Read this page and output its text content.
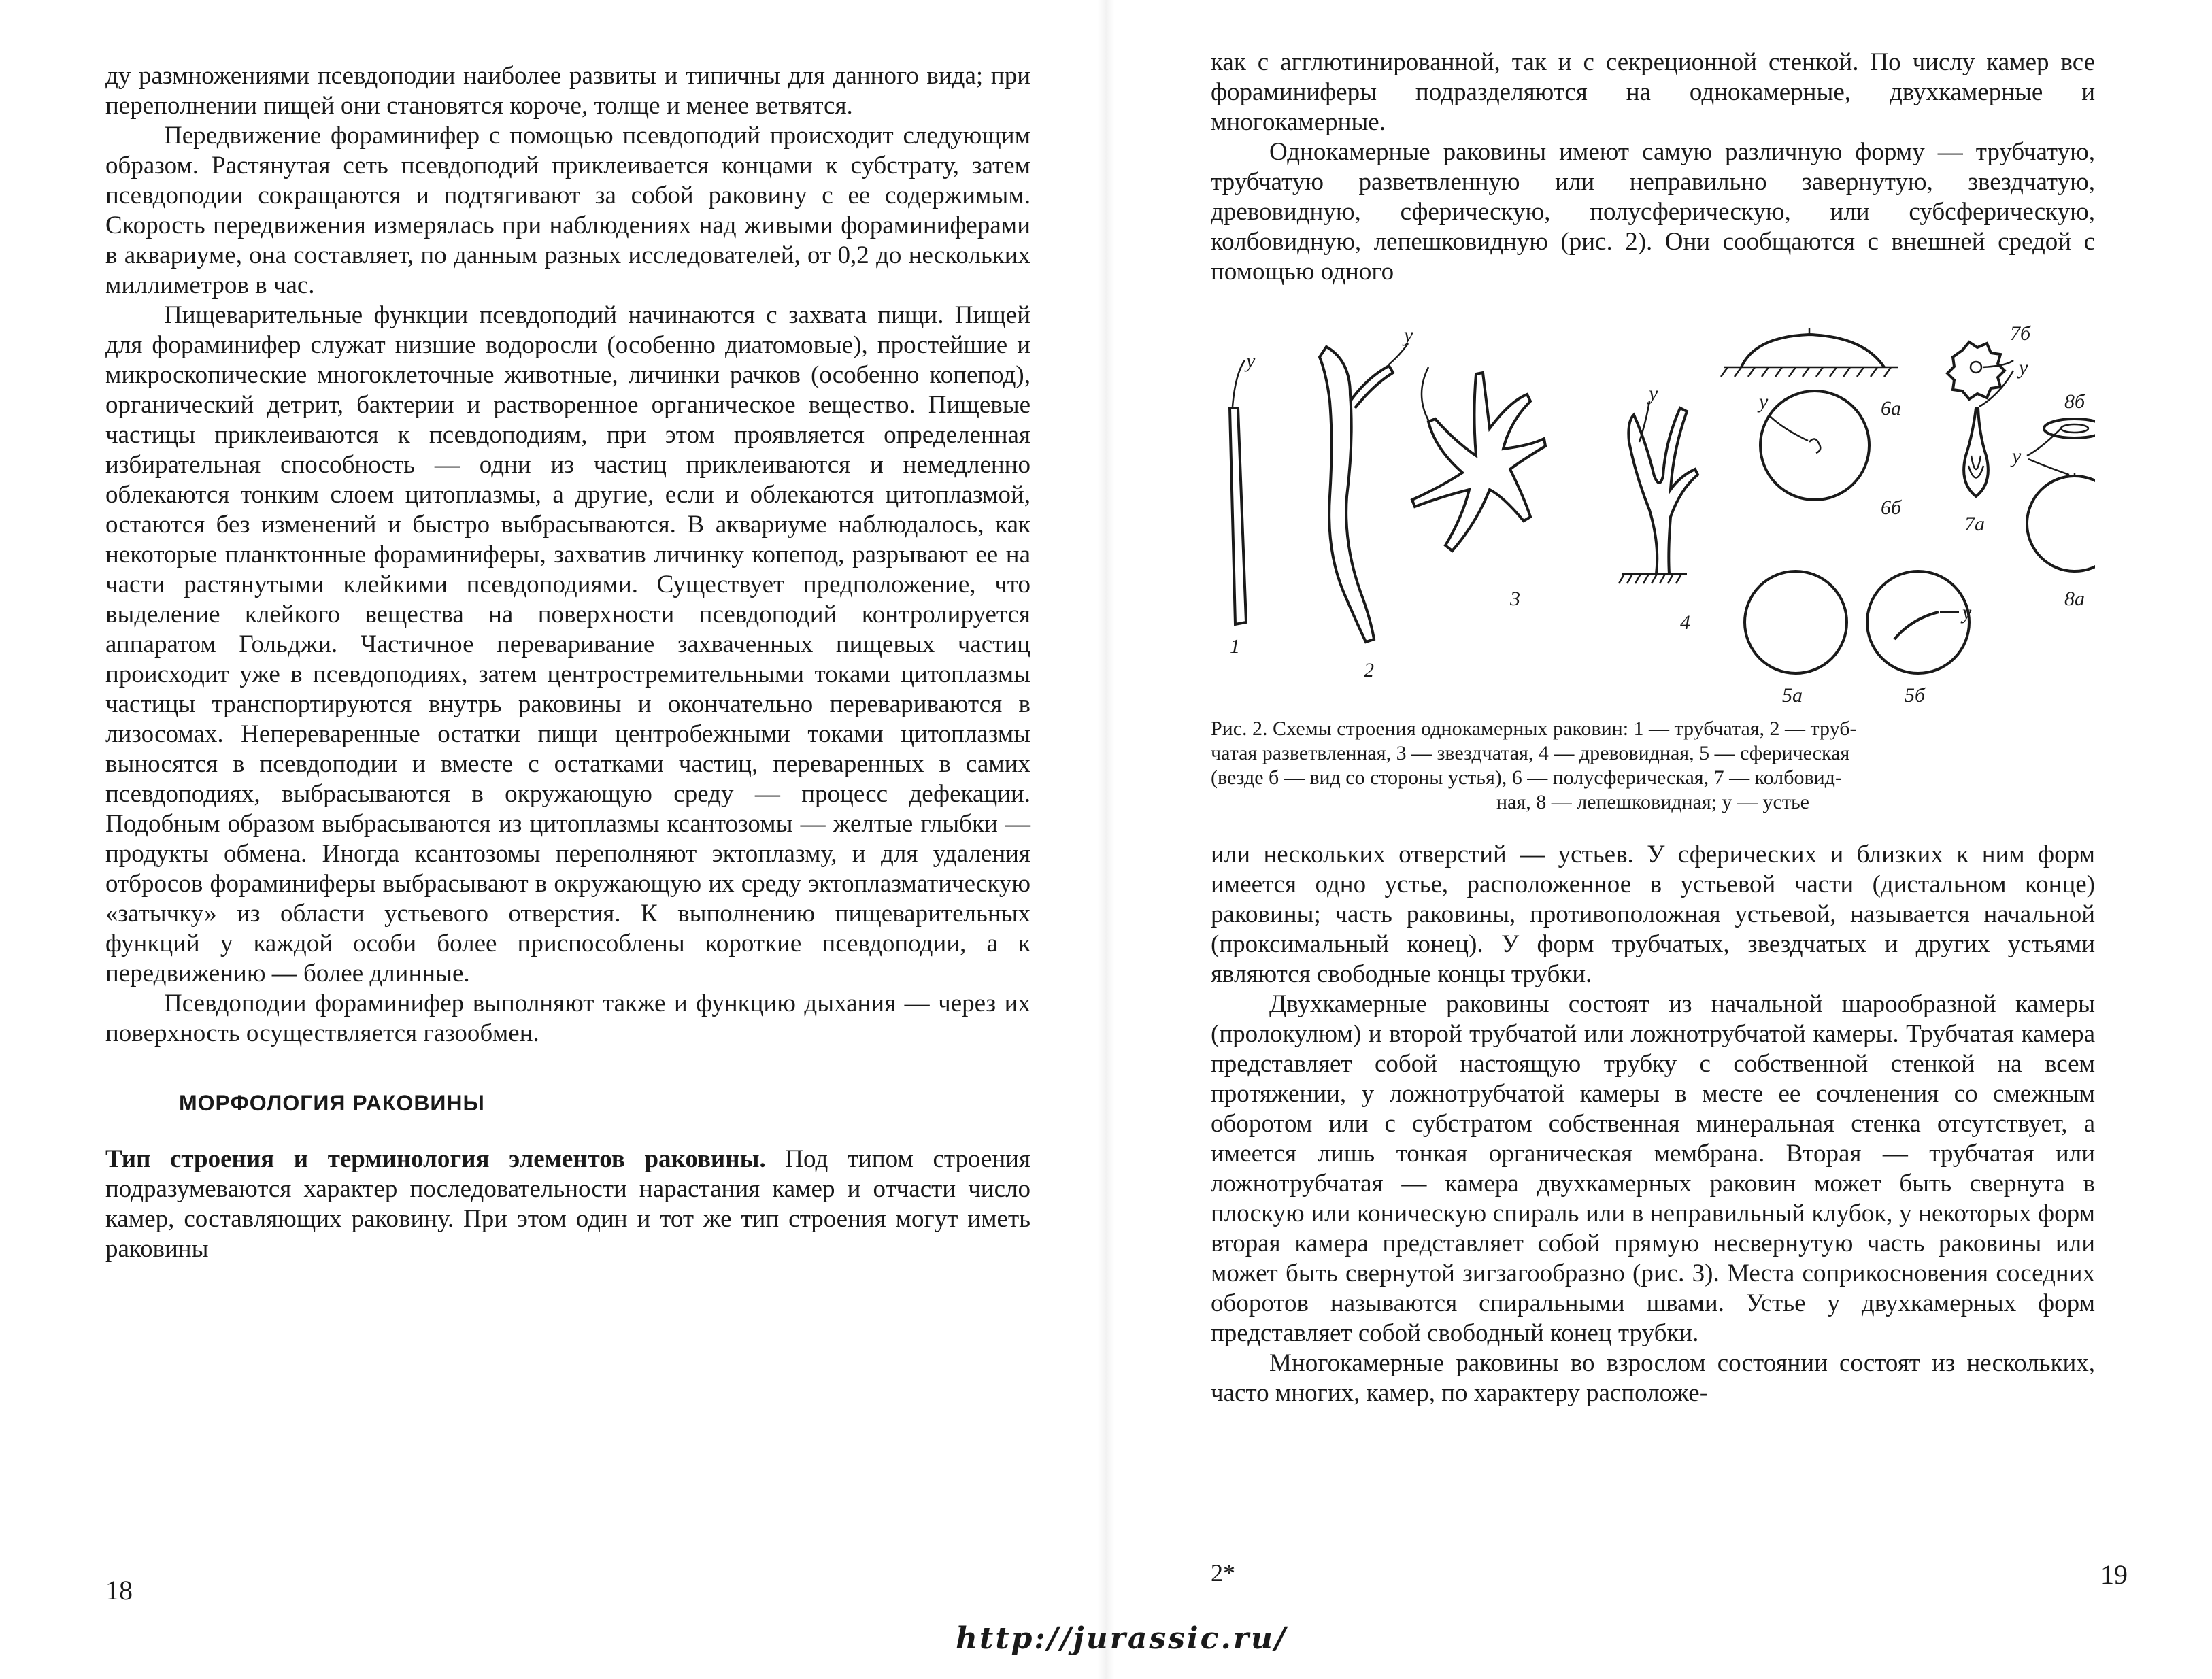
ду размножениями псевдоподии наиболее развиты и типичны для данного вида; при переполнении пищей они становятся короче, толще и менее ветвятся.

Передвижение фораминифер с помощью псевдоподий происходит следующим образом. Растянутая сеть псевдоподий приклеивается концами к субстрату, затем псевдоподии сокращаются и подтягивают за собой раковину с ее содержимым. Скорость передвижения измерялась при наблюдениях над живыми фораминиферами в аквариуме, она составляет, по данным разных исследователей, от 0,2 до нескольких миллиметров в час.

Пищеварительные функции псевдоподий начинаются с захвата пищи. Пищей для фораминифер служат низшие водоросли (особенно диатомовые), простейшие и микроскопические многоклеточные животные, личинки рачков (особенно копепод), органический детрит, бактерии и растворенное органическое вещество. Пищевые частицы приклеиваются к псевдоподиям, при этом проявляется определенная избирательная способность — одни из частиц приклеиваются и немедленно облекаются тонким слоем цитоплазмы, а другие, если и облекаются цитоплазмой, остаются без изменений и быстро выбрасываются. В аквариуме наблюдалось, как некоторые планктонные фораминиферы, захватив личинку копепод, разрывают ее на части растянутыми клейкими псевдоподиями. Существует предположение, что выделение клейкого вещества на поверхности псевдоподий контролируется аппаратом Гольджи. Частичное переваривание захваченных пищевых частиц происходит уже в псевдоподиях, затем центростремительными токами цитоплазмы частицы транспортируются внутрь раковины и окончательно перевариваются в лизосомах. Непереваренные остатки пищи центробежными токами цитоплазмы выносятся в псевдоподии и вместе с остатками частиц, переваренных в самих псевдоподиях, выбрасываются в окружающую среду — процесс дефекации. Подобным образом выбрасываются из цитоплазмы ксантозомы — желтые глыбки — продукты обмена. Иногда ксантозомы переполняют эктоплазму, и для удаления отбросов фораминиферы выбрасывают в окружающую их среду эктоплазматическую «затычку» из области устьевого отверстия. К выполнению пищеварительных функций у каждой особи более приспособлены короткие псевдоподии, а к передвижению — более длинные.

Псевдоподии фораминифер выполняют также и функцию дыхания — через их поверхность осуществляется газообмен.

МОРФОЛОГИЯ РАКОВИНЫ

Тип строения и терминология элементов раковины. Под типом строения подразумеваются характер последовательности нарастания камер и отчасти число камер, составляющих раковину. При этом один и тот же тип строения могут иметь раковины

18

как с агглютинированной, так и с секреционной стенкой. По числу камер все фораминиферы подразделяются на однокамерные, двухкамерные и многокамерные.

Однокамерные раковины имеют самую различную форму — трубчатую, трубчатую разветвленную или неправильно завернутую, звездчатую, древовидную, сферическую, полусферическую, или субсферическую, колбовидную, лепешковидную (рис. 2). Они сообщаются с внешней средой с помощью одного

у
1
у
2
3
у
4
у	6а
6б
5а
у
5б
7б
у
7а
у
8б
8а
Рис. 2. Схемы строения однокамерных раковин: 1 — трубчатая, 2 — труб-
чатая разветвленная, 3 — звездчатая, 4 — древовидная, 5 — сферическая
(везде б — вид со стороны устья), 6 — полусферическая, 7 — колбовид-
ная, 8 — лепешковидная; у — устье

или нескольких отверстий — устьев. У сферических и близких к ним форм имеется одно устье, расположенное в устьевой части (дистальном конце) раковины; часть раковины, противоположная устьевой, называется начальной (проксимальный конец). У форм трубчатых, звездчатых и других устьями являются свободные концы трубки.

Двухкамерные раковины состоят из начальной шарообразной камеры (пролокулюм) и второй трубчатой или ложнотрубчатой камеры. Трубчатая камера представляет собой настоящую трубку с собственной стенкой на всем протяжении, у ложнотрубчатой камеры в месте ее сочленения со смежным оборотом или с субстратом собственная минеральная стенка отсутствует, а имеется лишь тонкая органическая мембрана. Вторая — трубчатая или ложнотрубчатая — камера двухкамерных раковин может быть свернута в плоскую или коническую спираль или в неправильный клубок, у некоторых форм вторая камера представляет собой прямую несвернутую часть раковины или может быть свернутой зигзагообразно (рис. 3). Места соприкосновения соседних оборотов называются спиральными швами. Устье у двухкамерных форм представляет собой свободный конец трубки.

Многокамерные раковины во взрослом состоянии состоят из нескольких, часто многих, камер, по характеру расположе-

2*	19
http://jurassic.ru/
